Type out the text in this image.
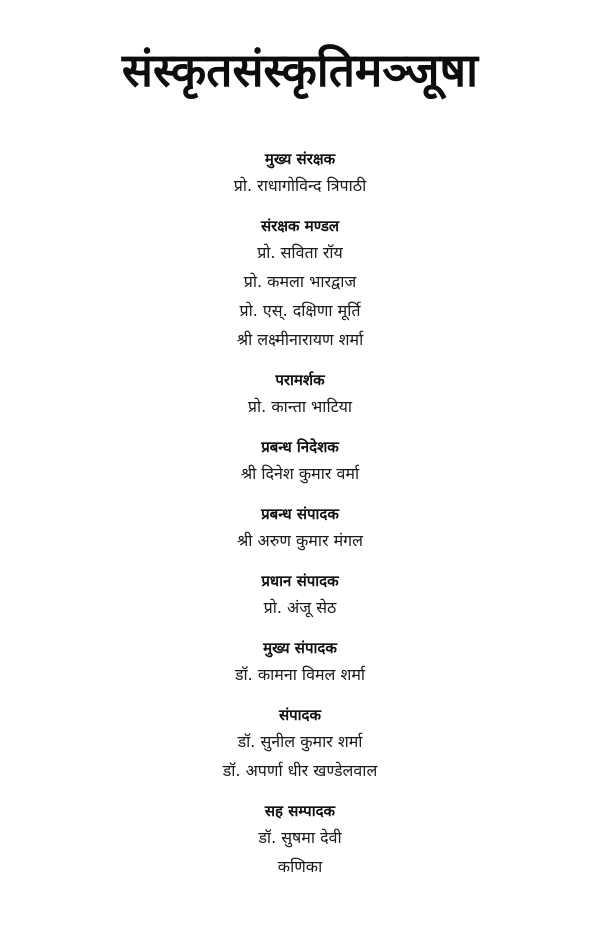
संस्कृतसंस्कृतिमञ्जूषा

मुख्य संरक्षक

प्रो. राधागोविन्द त्रिपाठी

संरक्षक मण्डल

प्रो. सविता रॉय

प्रो. कमला भारद्वाज

प्रो. एस्. दक्षिणा मूर्ति

श्री लक्ष्मीनारायण शर्मा

परामर्शक

प्रो. कान्ता भाटिया

प्रबन्ध निदेशक

श्री दिनेश कुमार वर्मा

प्रबन्ध संपादक

श्री अरुण कुमार मंगल

प्रधान संपादक

प्रो. अंजू सेठ

मुख्य संपादक

डॉ. कामना विमल शर्मा

संपादक

डॉ. सुनील कुमार शर्मा

डॉ. अपर्णा धीर खण्डेलवाल

सह सम्पादक

डॉ. सुषमा देवी

कणिका
